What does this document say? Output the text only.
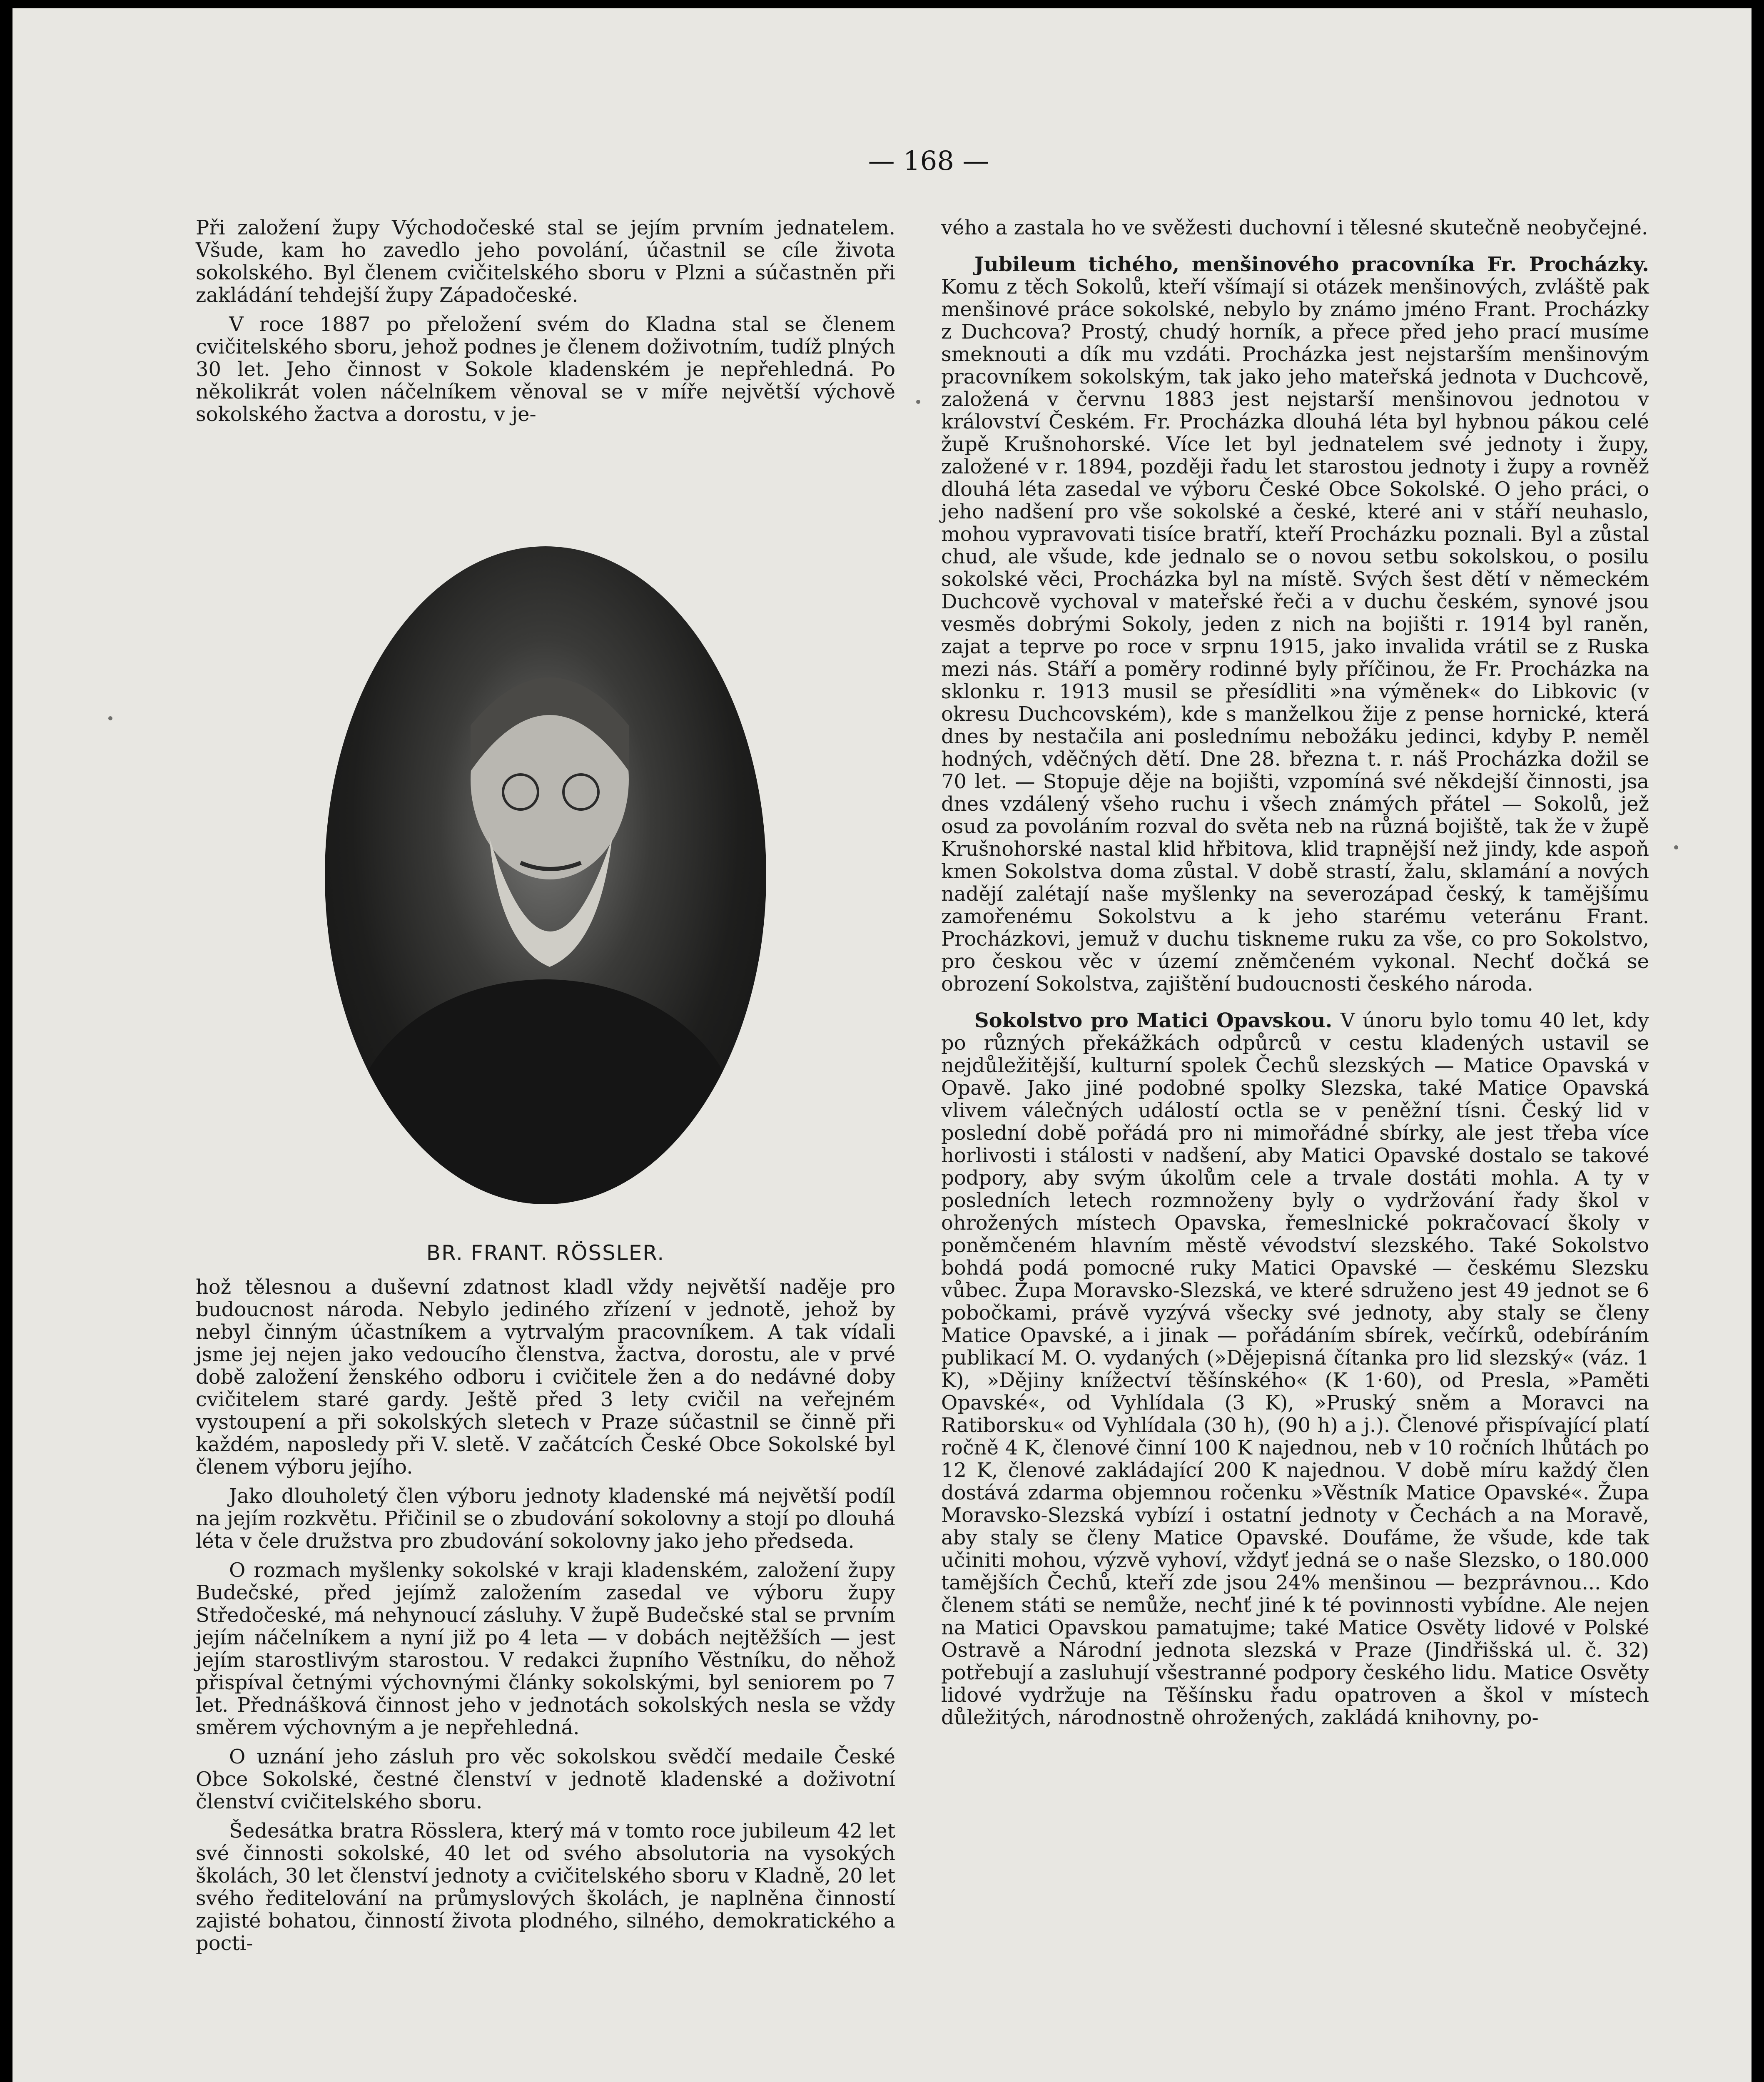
— 168 —

Při založení župy Východočeské stal se jejím prvním jednatelem. Všude, kam ho zavedlo jeho povolání, účastnil se cíle života sokolského. Byl členem cvičitelského sboru v Plzni a súčastněn při zakládání tehdejší župy Západočeské.

V roce 1887 po přeložení svém do Kladna stal se členem cvičitelského sboru, jehož podnes je členem doživotním, tudíž plných 30 let. Jeho činnost v Sokole kladenském je nepřehledná. Po několikrát volen náčelníkem věnoval se v míře největší výchově sokolského žactva a dorostu, v je-

BR. FRANT. RÖSSLER.

hož tělesnou a duševní zdatnost kladl vždy největší naděje pro budoucnost národa. Nebylo jediného zřízení v jednotě, jehož by nebyl činným účastníkem a vytrvalým pracovníkem. A tak vídali jsme jej nejen jako vedoucího členstva, žactva, dorostu, ale v prvé době založení ženského odboru i cvičitele žen a do nedávné doby cvičitelem staré gardy. Ještě před 3 lety cvičil na veřejném vystoupení a při sokolských sletech v Praze súčastnil se činně při každém, naposledy při V. sletě. V začátcích České Obce Sokolské byl členem výboru jejího.

Jako dlouholetý člen výboru jednoty kladenské má největší podíl na jejím rozkvětu. Přičinil se o zbudování sokolovny a stojí po dlouhá léta v čele družstva pro zbudování sokolovny jako jeho předseda.

O rozmach myšlenky sokolské v kraji kladenském, založení župy Budečské, před jejímž založením zasedal ve výboru župy Středočeské, má nehynoucí zásluhy. V župě Budečské stal se prvním jejím náčelníkem a nyní již po 4 leta — v dobách nejtěžších — jest jejím starostlivým starostou. V redakci župního Věstníku, do něhož přispíval četnými výchovnými články sokolskými, byl seniorem po 7 let. Přednášková činnost jeho v jednotách sokolských nesla se vždy směrem výchovným a je nepřehledná.

O uznání jeho zásluh pro věc sokolskou svědčí medaile České Obce Sokolské, čestné členství v jednotě kladenské a doživotní členství cvičitelského sboru.

Šedesátka bratra Rösslera, který má v tomto roce jubileum 42 let své činnosti sokolské, 40 let od svého absolutoria na vysokých školách, 30 let členství jednoty a cvičitelského sboru v Kladně, 20 let svého ředitelování na průmyslových školách, je naplněna činností zajisté bohatou, činností života plodného, silného, demokratického a pocti-

vého a zastala ho ve svěžesti duchovní i tělesné skutečně neobyčejné.

Jubileum tichého, menšinového pracovníka Fr. Procházky. Komu z těch Sokolů, kteří všímají si otázek menšinových, zvláště pak menšinové práce sokolské, nebylo by známo jméno Frant. Procházky z Duchcova? Prostý, chudý horník, a přece před jeho prací musíme smeknouti a dík mu vzdáti. Procházka jest nejstarším menšinovým pracovníkem sokolským, tak jako jeho mateřská jednota v Duchcově, založená v červnu 1883 jest nejstarší menšinovou jednotou v království Českém. Fr. Procházka dlouhá léta byl hybnou pákou celé župě Krušnohorské. Více let byl jednatelem své jednoty i župy, založené v r. 1894, později řadu let starostou jednoty i župy a rovněž dlouhá léta zasedal ve výboru České Obce Sokolské. O jeho práci, o jeho nadšení pro vše sokolské a české, které ani v stáří neuhaslo, mohou vypravovati tisíce bratří, kteří Procházku poznali. Byl a zůstal chud, ale všude, kde jednalo se o novou setbu sokolskou, o posilu sokolské věci, Procházka byl na místě. Svých šest dětí v německém Duchcově vychoval v mateřské řeči a v duchu českém, synové jsou vesměs dobrými Sokoly, jeden z nich na bojišti r. 1914 byl raněn, zajat a teprve po roce v srpnu 1915, jako invalida vrátil se z Ruska mezi nás. Stáří a poměry rodinné byly příčinou, že Fr. Procházka na sklonku r. 1913 musil se přesídliti »na výměnek« do Libkovic (v okresu Duchcovském), kde s manželkou žije z pense hornické, která dnes by nestačila ani poslednímu nebožáku jedinci, kdyby P. neměl hodných, vděčných dětí. Dne 28. března t. r. náš Procházka dožil se 70 let. — Stopuje děje na bojišti, vzpomíná své někdejší činnosti, jsa dnes vzdálený všeho ruchu i všech známých přátel — Sokolů, jež osud za povoláním rozval do světa neb na různá bojiště, tak že v župě Krušnohorské nastal klid hřbitova, klid trapnější než jindy, kde aspoň kmen Sokolstva doma zůstal. V době strastí, žalu, sklamání a nových nadějí zalétají naše myšlenky na severozápad český, k tamějšímu zamořenému Sokolstvu a k jeho starému veteránu Frant. Procházkovi, jemuž v duchu tiskneme ruku za vše, co pro Sokolstvo, pro českou věc v území zněmčeném vykonal. Nechť dočká se obrození Sokolstva, zajištění budoucnosti českého národa.

Sokolstvo pro Matici Opavskou. V únoru bylo tomu 40 let, kdy po různých překážkách odpůrců v cestu kladených ustavil se nejdůležitější, kulturní spolek Čechů slezských — Matice Opavská v Opavě. Jako jiné podobné spolky Slezska, také Matice Opavská vlivem válečných událostí octla se v peněžní tísni. Český lid v poslední době pořádá pro ni mimořádné sbírky, ale jest třeba více horlivosti i stálosti v nadšení, aby Matici Opavské dostalo se takové podpory, aby svým úkolům cele a trvale dostáti mohla. A ty v posledních letech rozmnoženy byly o vydržování řady škol v ohrožených místech Opavska, řemeslnické pokračovací školy v poněmčeném hlavním městě vévodství slezského. Také Sokolstvo bohdá podá pomocné ruky Matici Opavské — českému Slezsku vůbec. Župa Moravsko-Slezská, ve které sdruženo jest 49 jednot se 6 pobočkami, právě vyzývá všecky své jednoty, aby staly se členy Matice Opavské, a i jinak — pořádáním sbírek, večírků, odebíráním publikací M. O. vydaných (»Dějepisná čítanka pro lid slezský« (váz. 1 K), »Dějiny knížectví těšínského« (K 1·60), od Presla, »Paměti Opavské«, od Vyhlídala (3 K), »Pruský sněm a Moravci na Ratiborsku« od Vyhlídala (30 h), (90 h) a j.). Členové přispívající platí ročně 4 K, členové činní 100 K najednou, neb v 10 ročních lhůtách po 12 K, členové zakládající 200 K najednou. V době míru každý člen dostává zdarma objemnou ročenku »Věstník Matice Opavské«. Župa Moravsko-Slezská vybízí i ostatní jednoty v Čechách a na Moravě, aby staly se členy Matice Opavské. Doufáme, že všude, kde tak učiniti mohou, výzvě vyhoví, vždyť jedná se o naše Slezsko, o 180.000 tamějších Čechů, kteří zde jsou 24% menšinou — bezprávnou... Kdo členem státi se nemůže, nechť jiné k té povinnosti vybídne. Ale nejen na Matici Opavskou pamatujme; také Matice Osvěty lidové v Polské Ostravě a Národní jednota slezská v Praze (Jindřišská ul. č. 32) potřebují a zasluhují všestranné podpory českého lidu. Matice Osvěty lidové vydržuje na Těšínsku řadu opatroven a škol v místech důležitých, národnostně ohrožených, zakládá knihovny, po-
